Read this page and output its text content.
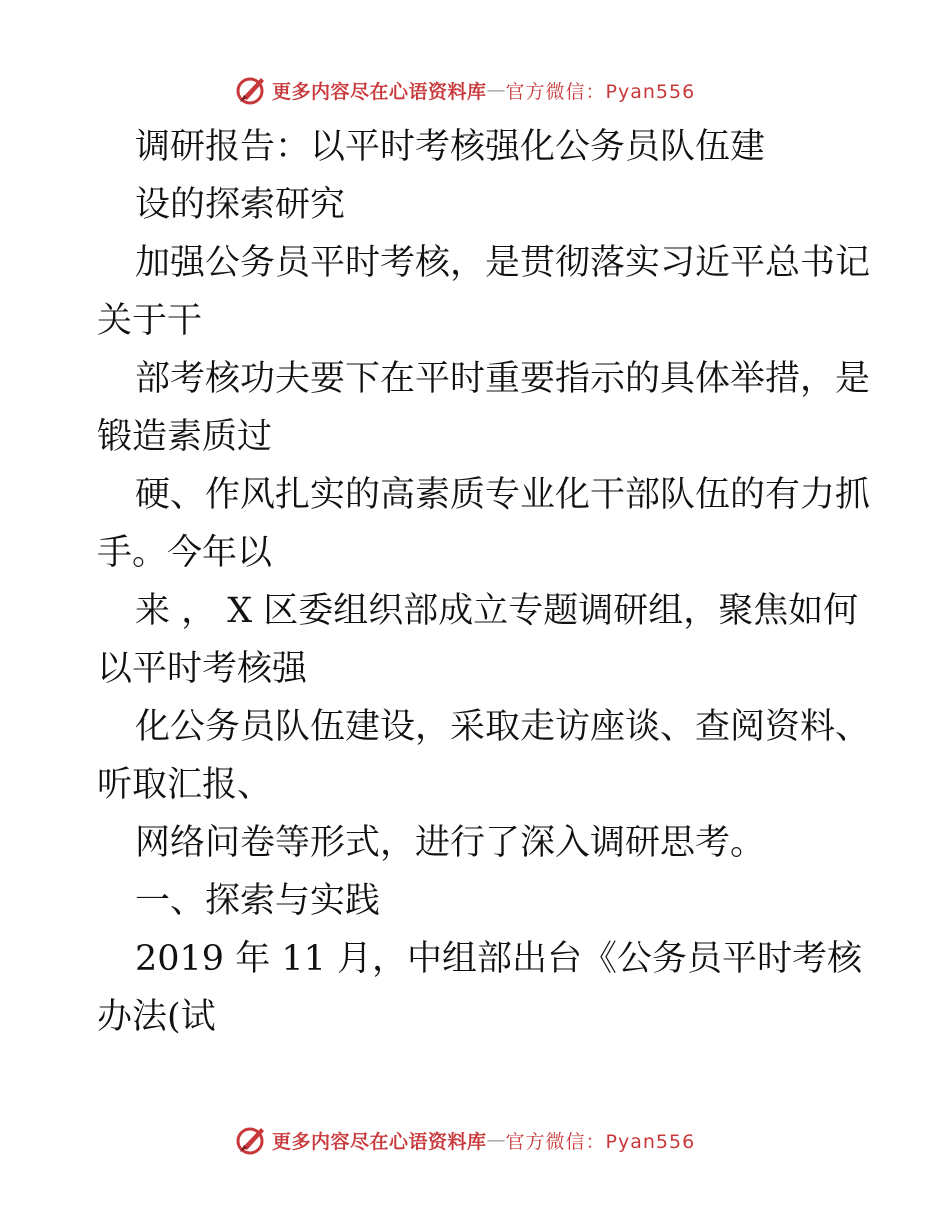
更多内容尽在心语资料库 — 官方微信：Pyan556
调研报告：以平时考核强化公务员队伍建
设的探索研究
加强公务员平时考核，是贯彻落实习近平总书记
关于干
部考核功夫要下在平时重要指示的具体举措，是
锻造素质过
硬、作风扎实的高素质专业化干部队伍的有力抓
手。今年以
来 ， X 区委组织部成立专题调研组，聚焦如何
以平时考核强
化公务员队伍建设，采取走访座谈、查阅资料、
听取汇报、
网络问卷等形式，进行了深入调研思考。
一、探索与实践
2019 年 11 月，中组部出台《公务员平时考核
办法(试
更多内容尽在心语资料库 — 官方微信：Pyan556
